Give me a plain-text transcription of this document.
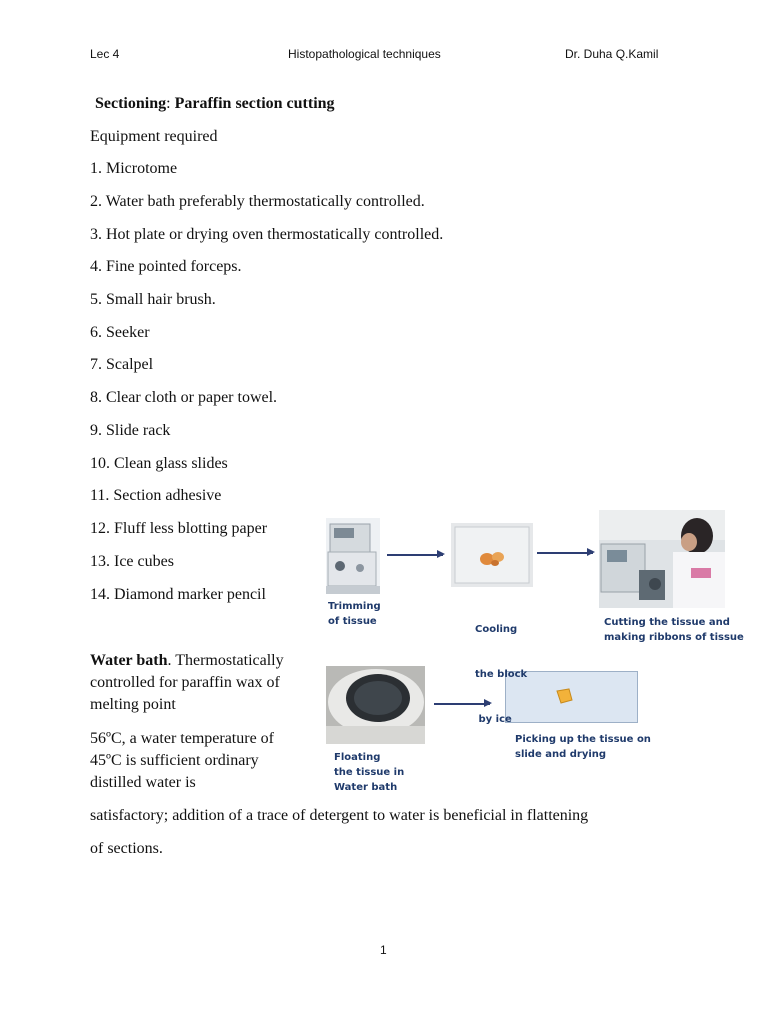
Lec 4	Histopathological techniques	Dr. Duha Q.Kamil
Sectioning: Paraffin section cutting
Equipment required
1. Microtome
2. Water bath preferably thermostatically controlled.
3. Hot plate or drying oven thermostatically controlled.
4. Fine pointed forceps.
5. Small hair brush.
6. Seeker
7. Scalpel
8. Clear cloth or paper towel.
9. Slide rack
10. Clean glass slides
11. Section adhesive
12. Fluff less blotting paper
13. Ice cubes
14. Diamond marker pencil
Water bath. Thermostatically
controlled for paraffin wax of
melting point
56ºC, a water temperature of
45ºC is sufficient ordinary
distilled water is
satisfactory; addition of a trace of detergent to water is beneficial in flattening
of sections.
Trimming
of tissue

Cooling

the block

by ice

Cutting the tissue and
making ribbons of tissue
Floating
the tissue in
Water bath
Picking up the tissue on
slide and drying
1
